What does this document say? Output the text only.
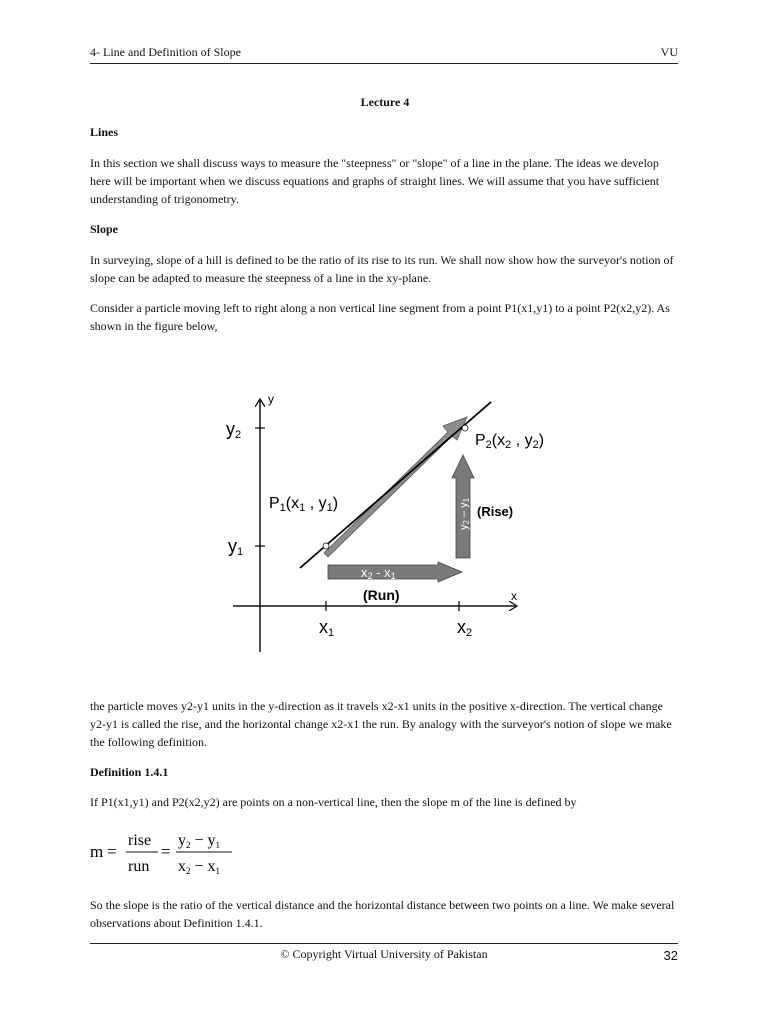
4- Line and Definition of Slope	VU
Lecture 4
Lines

In this section we shall discuss ways to measure the "steepness" or "slope" of a line in the plane. The ideas we develop here will be important when we discuss equations and graphs of straight lines. We will assume that you have sufficient understanding of trigonometry.

Slope

In surveying, slope of a hill is defined to be the ratio of its rise to its run. We shall now show how the surveyor's notion of slope can be adapted to measure the steepness of a line in the xy-plane.

Consider a particle moving left to right along a non vertical line segment from a point P1(x1,y1) to a point P2(x2,y2). As shown in the figure below,

y
x
y2
y1
x1	x2
P1(x1 , y1)
P2(x2 , y2)
x2 - x1
(Run)
y2 – y1
(Rise)

the particle moves y2-y1 units in the y-direction as it travels x2-x1 units in the positive x-direction. The vertical change y2-y1 is called the rise, and the horizontal change x2-x1 the run. By analogy with the surveyor's notion of slope we make the following definition.

Definition 1.4.1

If P1(x1,y1) and P2(x2,y2) are points on a non-vertical line, then the slope m of the line is defined by

m =
rise
run
=
y2 − y1
x2 − x1

So the slope is the ratio of the vertical distance and the horizontal distance between two points on a line. We make several observations about Definition 1.4.1.

© Copyright Virtual University of Pakistan	32
